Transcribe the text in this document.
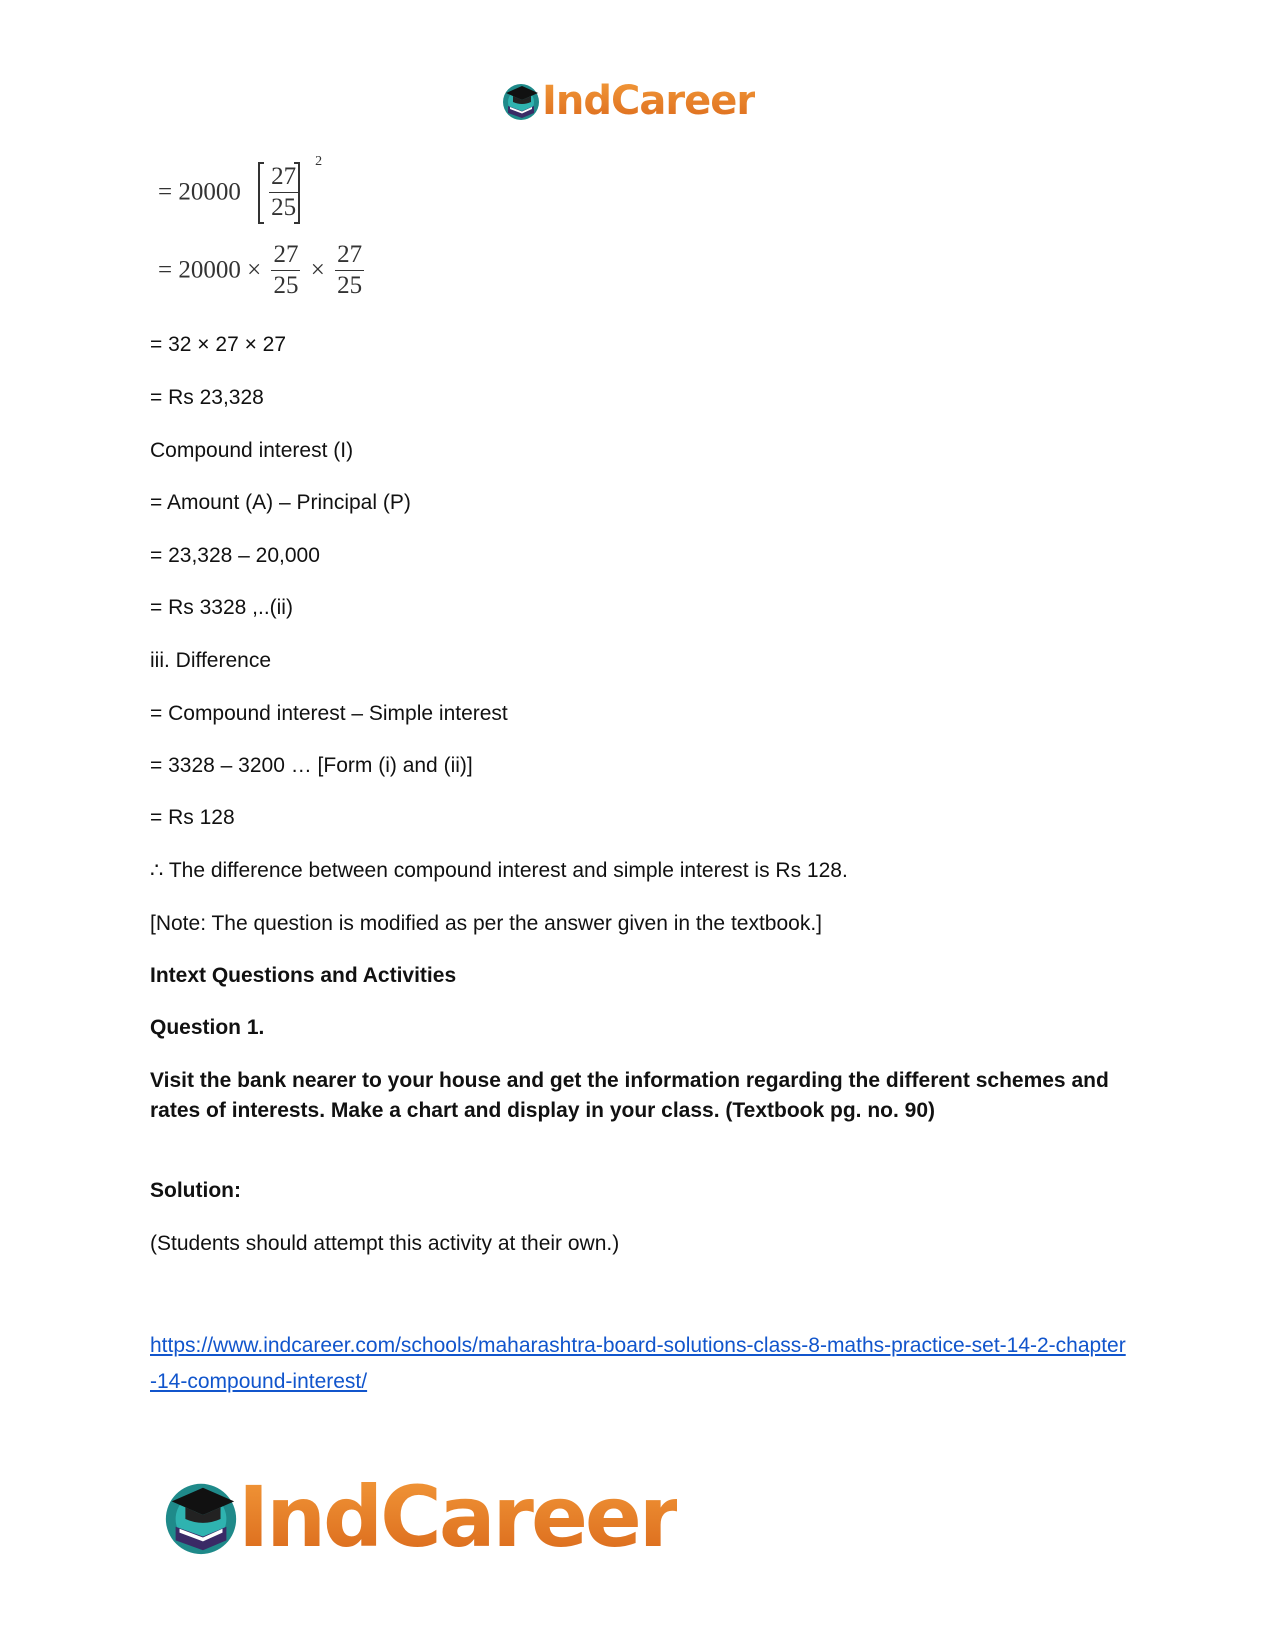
IndCareer
= $20000 \frac{27}{25} 2$
= $20000 \times \frac{27}{25} \times \frac{27}{25}$
= 32 × 27 × 27
= Rs 23,328
Compound interest (I)
= Amount (A) – Principal (P)
= 23,328 – 20,000
= Rs 3328 ,..(ii)
iii. Difference
= Compound interest – Simple interest
= 3328 – 3200 … [Form (i) and (ii)]
= Rs 128
∴ The difference between compound interest and simple interest is Rs 128.
[Note: The question is modified as per the answer given in the textbook.]
Intext Questions and Activities
Question 1.
Visit the bank nearer to your house and get the information regarding the different schemes and rates of interests. Make a chart and display in your class. (Textbook pg. no. 90)
Solution:
(Students should attempt this activity at their own.)
https://www.indcareer.com/schools/maharashtra-board-solutions-class-8-maths-practice-set-14-2-chapter-14-compound-interest/
IndCareer
